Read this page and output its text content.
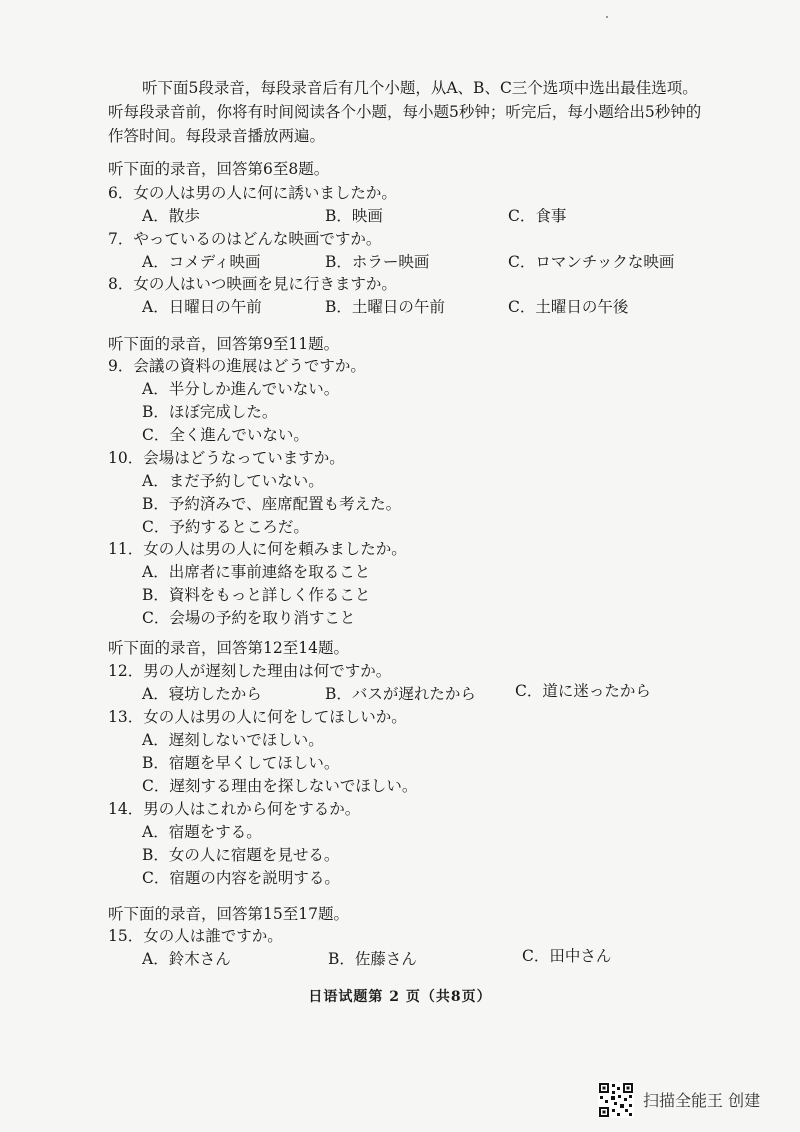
听下面5段录音，每段录音后有几个小题，从A、B、C三个选项中选出最佳选项。听每段录音前，你将有时间阅读各个小题，每小题5秒钟；听完后，每小题给出5秒钟的作答时间。每段录音播放两遍。
听下面的录音，回答第6至8题。
6．女の人は男の人に何に誘いましたか。
A．散歩	B．映画	C．食事
7．やっているのはどんな映画ですか。
A．コメディ映画	B．ホラー映画	C．ロマンチックな映画
8．女の人はいつ映画を見に行きますか。
A．日曜日の午前	B．土曜日の午前	C．土曜日の午後
听下面的录音，回答第9至11题。
9．会議の資料の進展はどうですか。
A．半分しか進んでいない。
B．ほぼ完成した。
C．全く進んでいない。
10．会場はどうなっていますか。
A．まだ予約していない。
B．予約済みで、座席配置も考えた。
C．予約するところだ。
11．女の人は男の人に何を頼みましたか。
A．出席者に事前連絡を取ること
B．資料をもっと詳しく作ること
C．会場の予約を取り消すこと
听下面的录音，回答第12至14题。
12．男の人が遅刻した理由は何ですか。
A．寝坊したから	B．バスが遅れたから	C．道に迷ったから
13．女の人は男の人に何をしてほしいか。
A．遅刻しないでほしい。
B．宿題を早くしてほしい。
C．遅刻する理由を探しないでほしい。
14．男の人はこれから何をするか。
A．宿題をする。
B．女の人に宿題を見せる。
C．宿題の内容を説明する。
听下面的录音，回答第15至17题。
15．女の人は誰ですか。
A．鈴木さん	B．佐藤さん	C．田中さん
日语试题第 2 页（共8页）
扫描全能王 创建
